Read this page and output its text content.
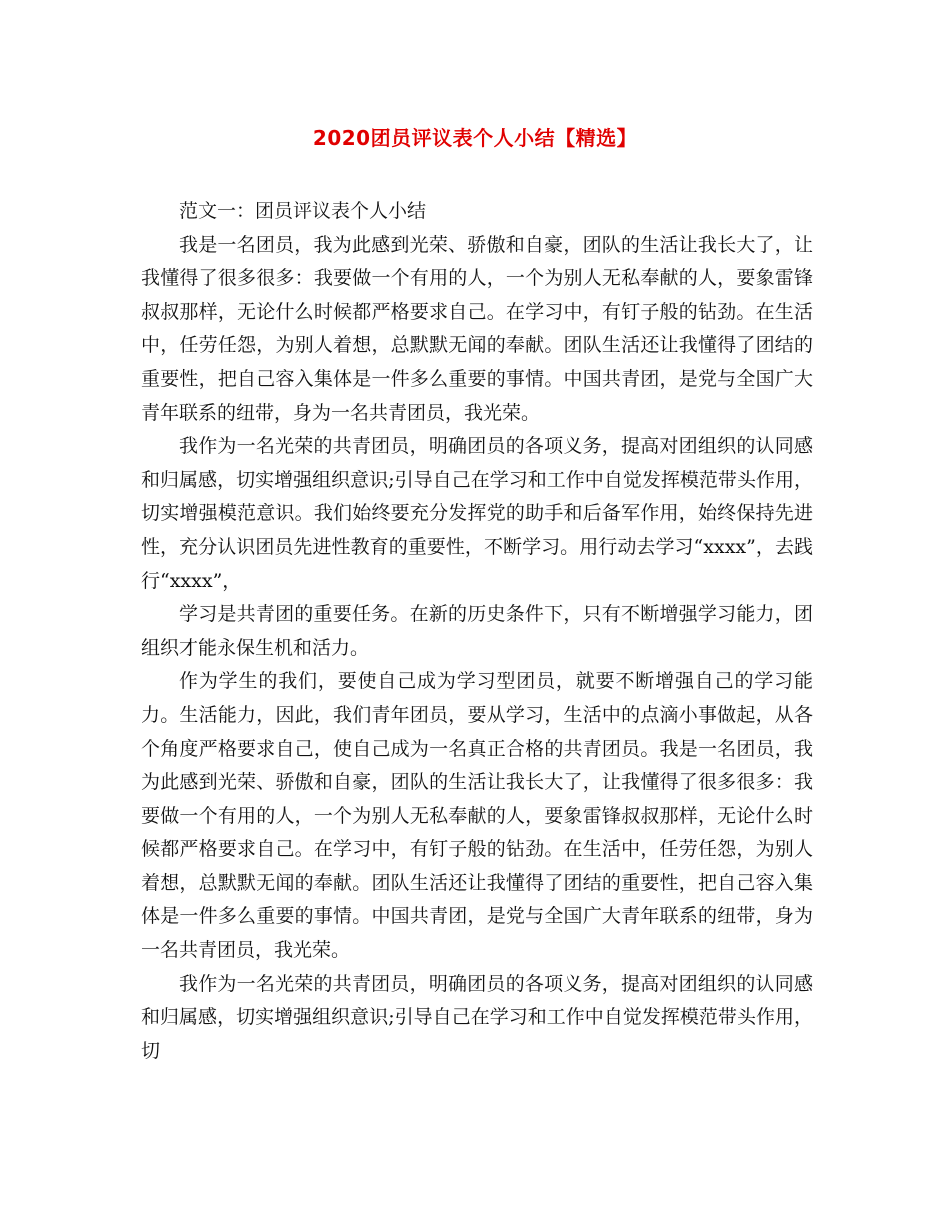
2020团员评议表个人小结【精选】

范文一：团员评议表个人小结

我是一名团员，我为此感到光荣、骄傲和自豪，团队的生活让我长大了，让我懂得了很多很多：我要做一个有用的人，一个为别人无私奉献的人，要象雷锋叔叔那样，无论什么时候都严格要求自己。在学习中，有钉子般的钻劲。在生活中，任劳任怨，为别人着想，总默默无闻的奉献。团队生活还让我懂得了团结的重要性，把自己容入集体是一件多么重要的事情。中国共青团，是党与全国广大青年联系的纽带，身为一名共青团员，我光荣。

我作为一名光荣的共青团员，明确团员的各项义务，提高对团组织的认同感和归属感，切实增强组织意识;引导自己在学习和工作中自觉发挥模范带头作用，切实增强模范意识。我们始终要充分发挥党的助手和后备军作用，始终保持先进性，充分认识团员先进性教育的重要性，不断学习。用行动去学习“xxxx”，去践行“xxxx”，

学习是共青团的重要任务。在新的历史条件下，只有不断增强学习能力，团组织才能永保生机和活力。

作为学生的我们，要使自己成为学习型团员，就要不断增强自己的学习能力。生活能力，因此，我们青年团员，要从学习，生活中的点滴小事做起，从各个角度严格要求自己，使自己成为一名真正合格的共青团员。我是一名团员，我为此感到光荣、骄傲和自豪，团队的生活让我长大了，让我懂得了很多很多：我要做一个有用的人，一个为别人无私奉献的人，要象雷锋叔叔那样，无论什么时候都严格要求自己。在学习中，有钉子般的钻劲。在生活中，任劳任怨，为别人着想，总默默无闻的奉献。团队生活还让我懂得了团结的重要性，把自己容入集体是一件多么重要的事情。中国共青团，是党与全国广大青年联系的纽带，身为一名共青团员，我光荣。

我作为一名光荣的共青团员，明确团员的各项义务，提高对团组织的认同感和归属感，切实增强组织意识;引导自己在学习和工作中自觉发挥模范带头作用，切
